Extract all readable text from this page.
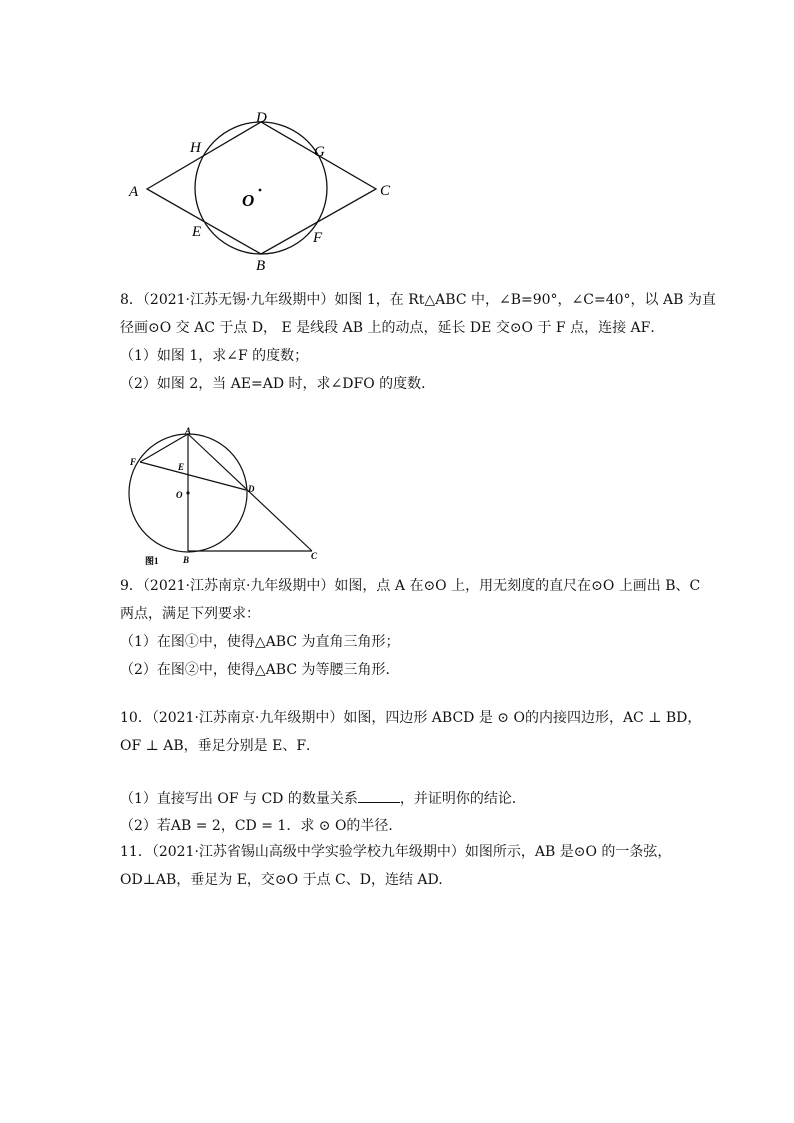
A
B
C
D
E	F
G
H
O
8．（2021·江苏无锡·九年级期中）如图 1，在 Rt△ABC 中，∠B=90°，∠C=40°，以 AB 为直
径画⊙O 交 AC 于点 D， E 是线段 AB 上的动点，延长 DE 交⊙O 于 F 点，连接 AF．
（1）如图 1，求∠F 的度数；
（2）如图 2，当 AE=AD 时，求∠DFO 的度数．
A
B	C
D
E
F
O
图1
9．（2021·江苏南京·九年级期中）如图，点 A 在⊙O 上，用无刻度的直尺在⊙O 上画出 B、C
两点，满足下列要求：
（1）在图①中，使得△ABC 为直角三角形；
（2）在图②中，使得△ABC 为等腰三角形．
10．（2021·江苏南京·九年级期中）如图，四边形 ABCD 是 ⊙ O的内接四边形，AC ⊥ BD，
OF ⊥ AB，垂足分别是 E、F．
（1）直接写出 OF 与 CD 的数量关系	，并证明你的结论．
（2）若AB = 2，CD = 1．求 ⊙ O的半径．
11．（2021·江苏省锡山高级中学实验学校九年级期中）如图所示，AB 是⊙O 的一条弦，
OD⊥AB，垂足为 E，交⊙O 于点 C、D，连结 AD.
